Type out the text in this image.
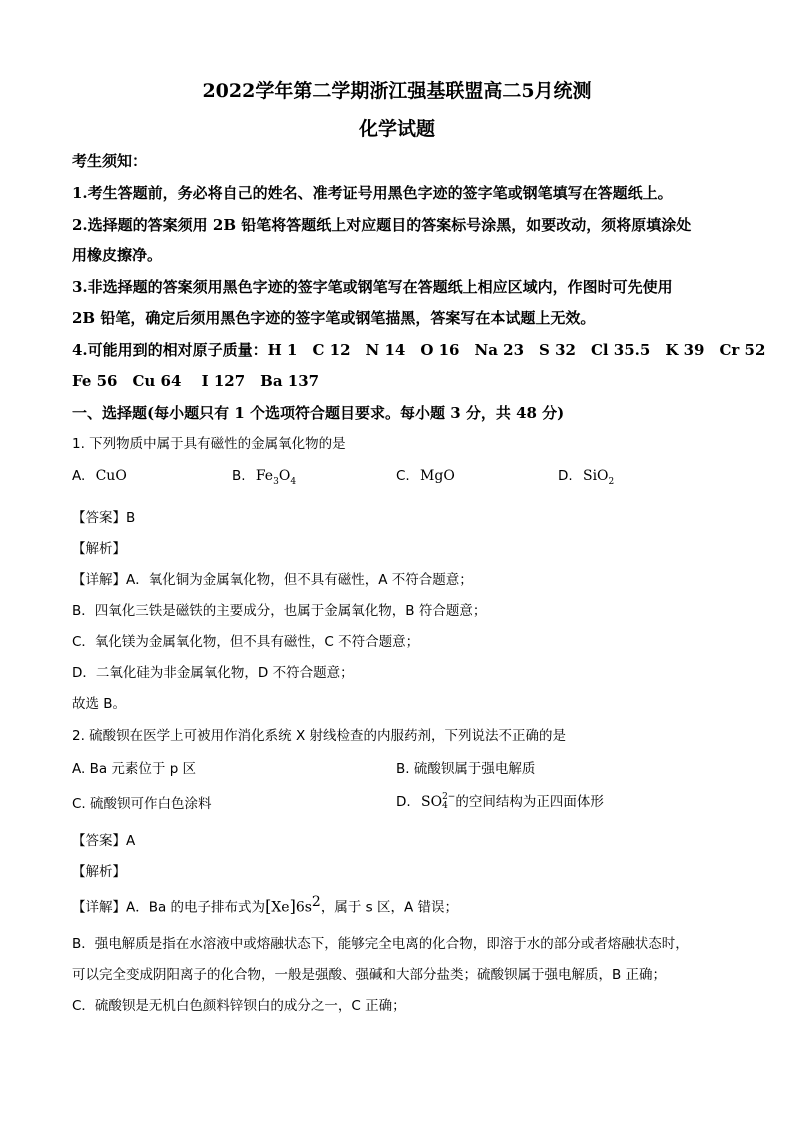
2022学年第二学期浙江强基联盟高二5月统测
化学试题
考生须知：
1.考生答题前，务必将自己的姓名、准考证号用黑色字迹的签字笔或钢笔填写在答题纸上。
2.选择题的答案须用 2B 铅笔将答题纸上对应题目的答案标号涂黑，如要改动，须将原填涂处
用橡皮擦净。
3.非选择题的答案须用黑色字迹的签字笔或钢笔写在答题纸上相应区域内，作图时可先使用
2B 铅笔，确定后须用黑色字迹的签字笔或钢笔描黑，答案写在本试题上无效。
4.可能用到的相对原子质量：H 1　C 12　N 14　O 16　Na 23　S 32　Cl 35.5　K 39　Cr 52
Fe 56　Cu 64　 I 127　Ba 137
一、选择题(每小题只有 1 个选项符合题目要求。每小题 3 分，共 48 分)
1. 下列物质中属于具有磁性的金属氧化物的是
A. CuO	B. $Fe_3O_4$	C. MgO	D. SiO$_2$
【答案】B
【解析】
【详解】A．氧化铜为金属氧化物，但不具有磁性，A 不符合题意；
B．四氧化三铁是磁铁的主要成分，也属于金属氧化物，B 符合题意；
C．氧化镁为金属氧化物，但不具有磁性，C 不符合题意；
D．二氧化硅为非金属氧化物，D 不符合题意；
故选 B。
2. 硫酸钡在医学上可被用作消化系统 X 射线检查的内服药剂，下列说法不正确的是
A. Ba 元素位于 p 区	B. 硫酸钡属于强电解质
C. 硫酸钡可作白色涂料	D. SO 2−
4 的空间结构为正四面体形
【答案】A
【解析】
【详解】A．Ba 的电子排布式为$[Xe]6s^2$，属于 s 区，A 错误；
B．强电解质是指在水溶液中或熔融状态下，能够完全电离的化合物，即溶于水的部分或者熔融状态时，
可以完全变成阴阳离子的化合物，一般是强酸、强碱和大部分盐类；硫酸钡属于强电解质，B 正确；
C．硫酸钡是无机白色颜料锌钡白的成分之一，C 正确；
